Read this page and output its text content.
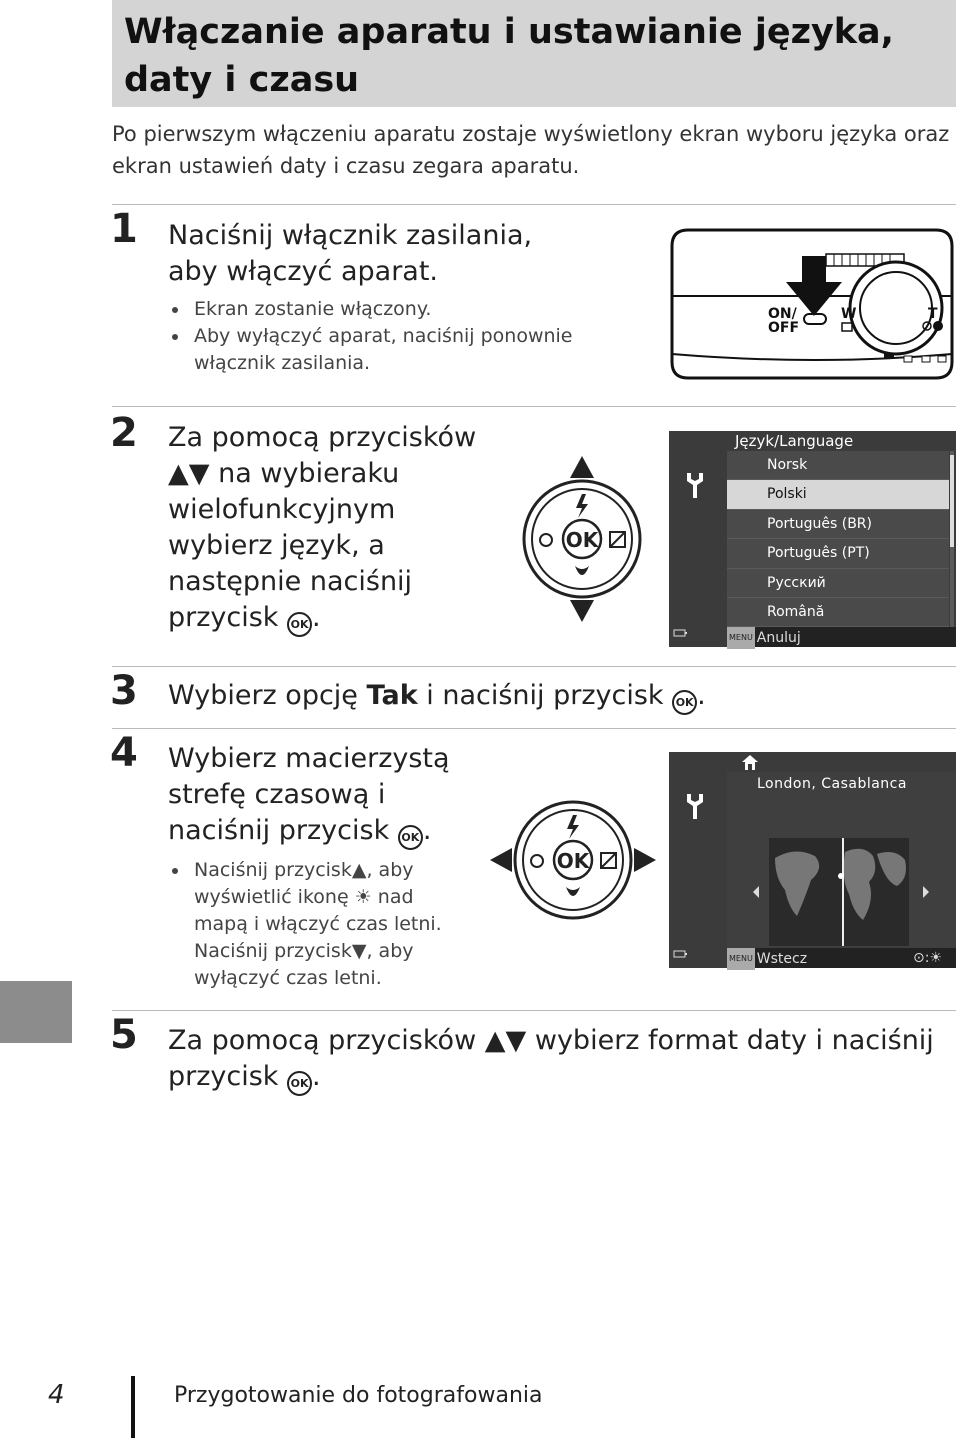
Włączanie aparatu i ustawianie języka, daty i czasu

Po pierwszym włączeniu aparatu zostaje wyświetlony ekran wyboru języka oraz ekran ustawień daty i czasu zegara aparatu.

1 Naciśnij włącznik zasilania, aby włączyć aparat.
Ekran zostanie włączony.
Aby wyłączyć aparat, naciśnij ponownie włącznik zasilania.
ON/
OFF
W	T
2 Za pomocą przycisków ▲▼ na wybieraku wielofunkcyjnym wybierz język, a następnie naciśnij przycisk OK .
OK
Język/Language
Norsk
Polski
Português (BR)
Português (PT)
Русский
Română
MENU Anuluj
3 Wybierz opcję Tak i naciśnij przycisk OK .
4 Wybierz macierzystą strefę czasową i naciśnij przycisk OK .
Naciśnij przycisk▲, aby wyświetlić ikonę ☀ nad mapą i włączyć czas letni.
Naciśnij przycisk▼, aby wyłączyć czas letni.
OK
London, Casablanca
MENU Wstecz	⊙:☀
5 Za pomocą przycisków ▲▼ wybierz format daty i naciśnij przycisk OK .
4	Przygotowanie do fotografowania
